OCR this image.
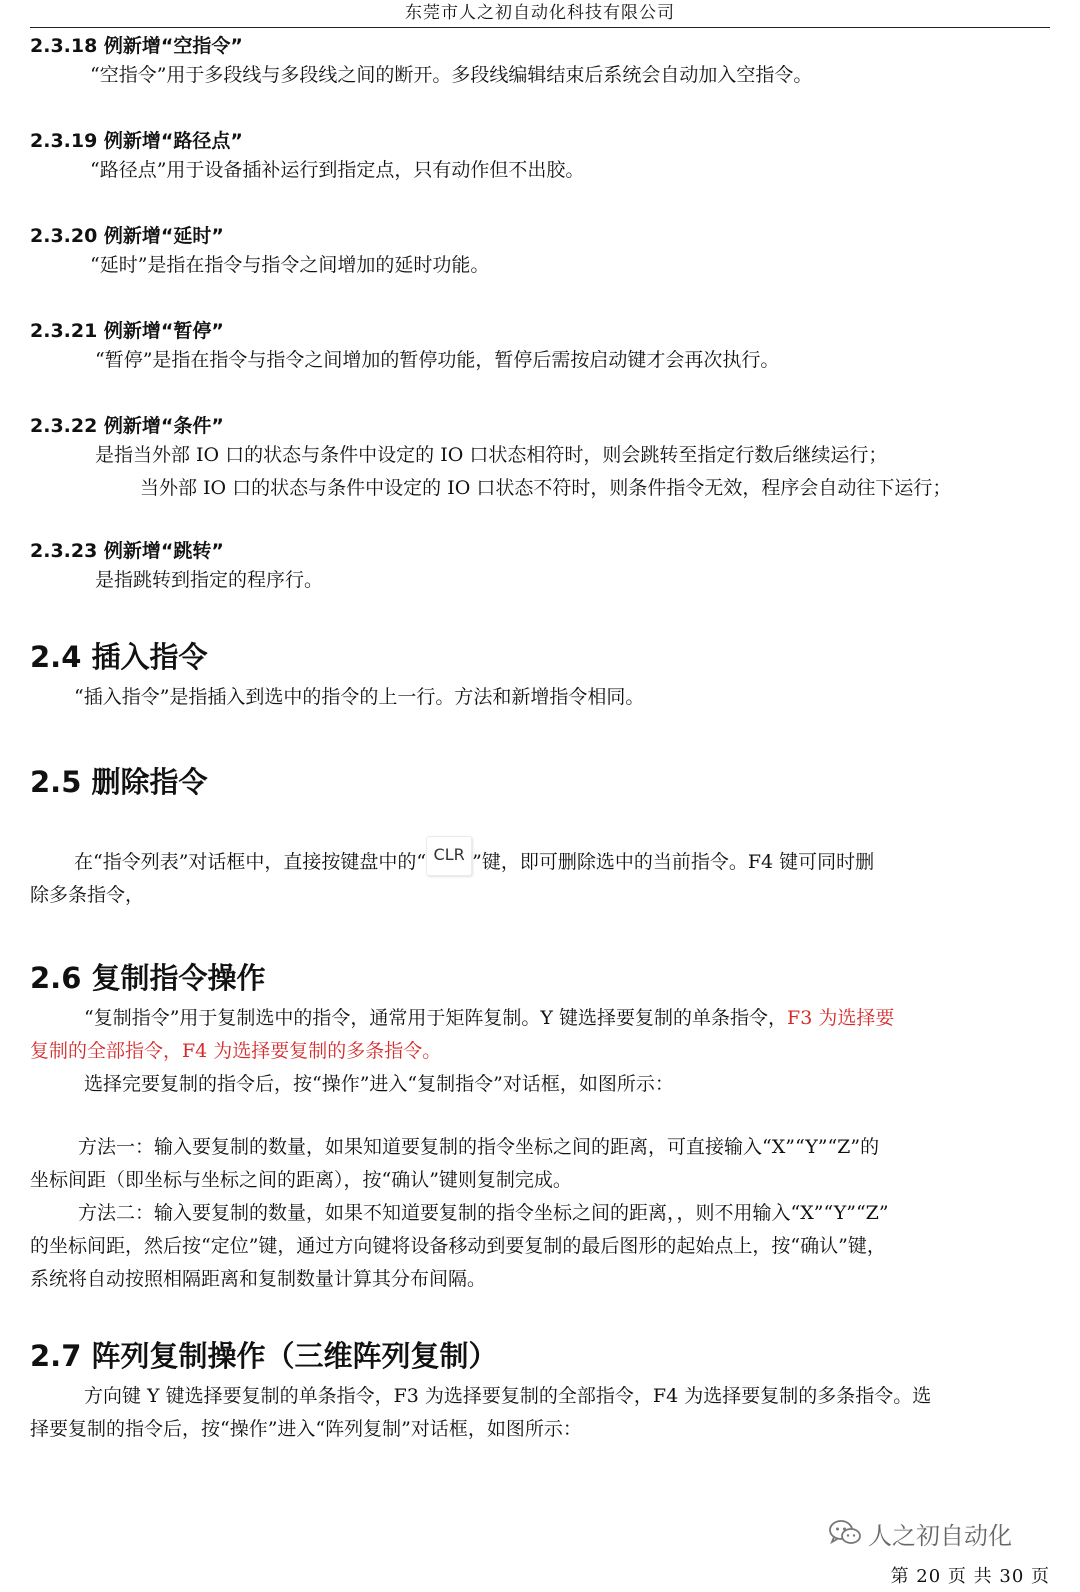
东莞市人之初自动化科技有限公司

2.3.18 例新增“空指令”

“空指令”用于多段线与多段线之间的断开。多段线编辑结束后系统会自动加入空指令。

2.3.19 例新增“路径点”

“路径点”用于设备插补运行到指定点，只有动作但不出胶。

2.3.20 例新增“延时”

“延时”是指在指令与指令之间增加的延时功能。

2.3.21 例新增“暂停”

“暂停”是指在指令与指令之间增加的暂停功能，暂停后需按启动键才会再次执行。

2.3.22 例新增“条件”

是指当外部 IO 口的状态与条件中设定的 IO 口状态相符时，则会跳转至指定行数后继续运行；

当外部 IO 口的状态与条件中设定的 IO 口状态不符时，则条件指令无效，程序会自动往下运行；

2.3.23 例新增“跳转”

是指跳转到指定的程序行。

2.4 插入指令

“插入指令”是指插入到选中的指令的上一行。方法和新增指令相同。

2.5 删除指令

在“指令列表”对话框中，直接按键盘中的“ CLR ”键，即可删除选中的当前指令。F4 键可同时删

除多条指令，

2.6 复制指令操作

“复制指令”用于复制选中的指令，通常用于矩阵复制。Y 键选择要复制的单条指令，F3 为选择要

复制的全部指令，F4 为选择要复制的多条指令。

选择完要复制的指令后，按“操作”进入“复制指令”对话框，如图所示：

方法一：输入要复制的数量，如果知道要复制的指令坐标之间的距离，可直接输入“X”“Y”“Z”的

坐标间距（即坐标与坐标之间的距离），按“确认”键则复制完成。

方法二：输入要复制的数量，如果不知道要复制的指令坐标之间的距离，，则不用输入“X”“Y”“Z”

的坐标间距，然后按“定位”键，通过方向键将设备移动到要复制的最后图形的起始点上，按“确认”键，

系统将自动按照相隔距离和复制数量计算其分布间隔。

2.7 阵列复制操作（三维阵列复制）

方向键 Y 键选择要复制的单条指令，F3 为选择要复制的全部指令，F4 为选择要复制的多条指令。选

择要复制的指令后，按“操作”进入“阵列复制”对话框，如图所示：

人之初自动化
第 20 页 共 30 页
